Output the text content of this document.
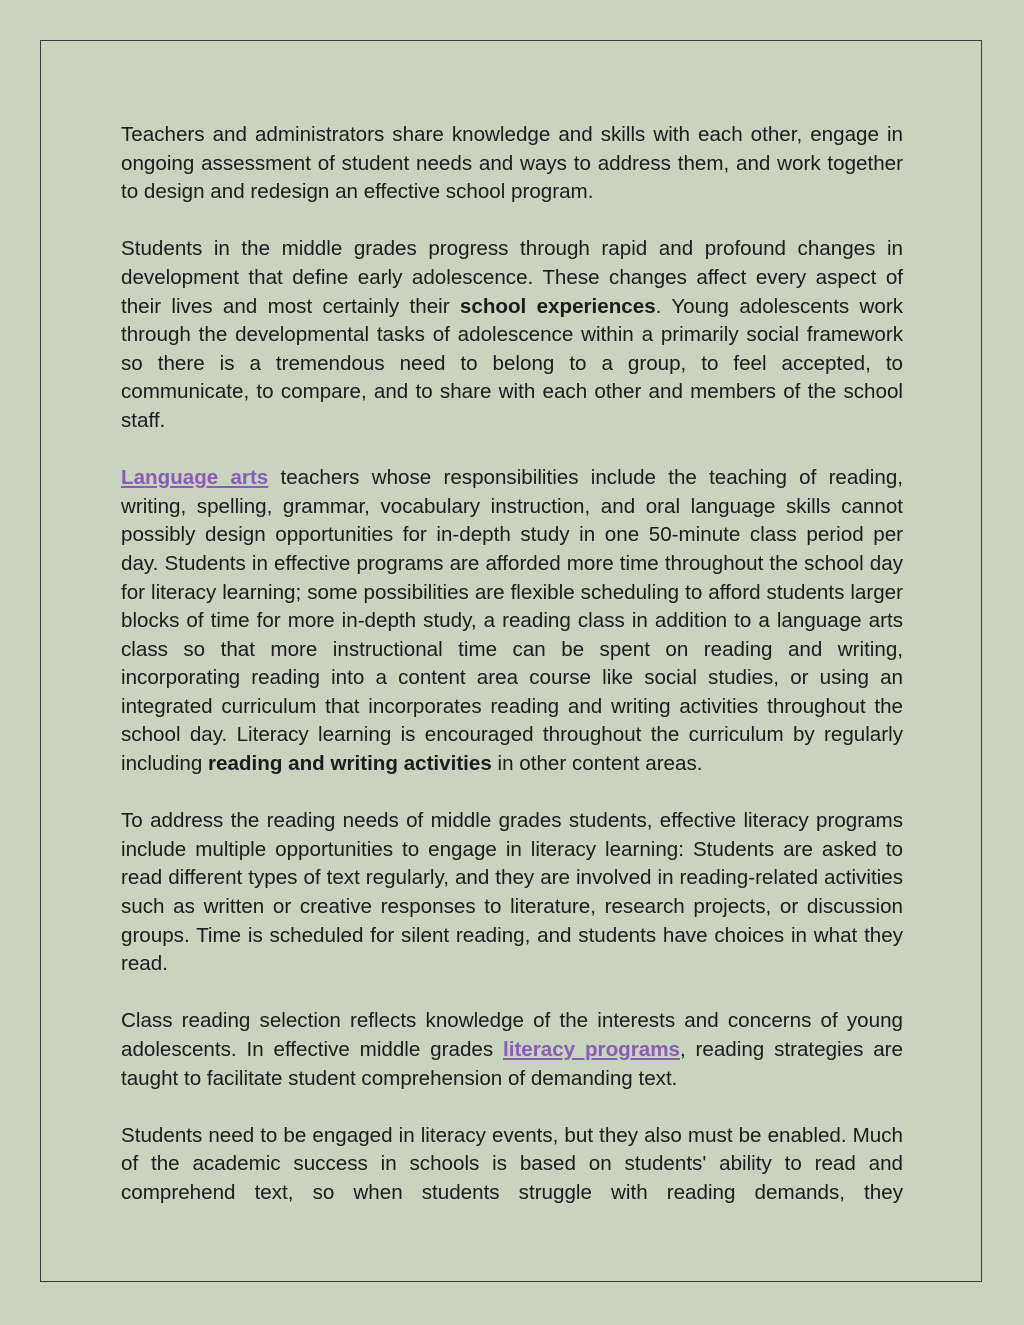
Teachers and administrators share knowledge and skills with each other, engage in ongoing assessment of student needs and ways to address them, and work together to design and redesign an effective school program.

Students in the middle grades progress through rapid and profound changes in development that define early adolescence. These changes affect every aspect of their lives and most certainly their school experiences. Young adolescents work through the developmental tasks of adolescence within a primarily social framework so there is a tremendous need to belong to a group, to feel accepted, to communicate, to compare, and to share with each other and members of the school staff.

Language arts teachers whose responsibilities include the teaching of reading, writing, spelling, grammar, vocabulary instruction, and oral language skills cannot possibly design opportunities for in-depth study in one 50-minute class period per day. Students in effective programs are afforded more time throughout the school day for literacy learning; some possibilities are flexible scheduling to afford students larger blocks of time for more in-depth study, a reading class in addition to a language arts class so that more instructional time can be spent on reading and writing, incorporating reading into a content area course like social studies, or using an integrated curriculum that incorporates reading and writing activities throughout the school day. Literacy learning is encouraged throughout the curriculum by regularly including reading and writing activities in other content areas.

To address the reading needs of middle grades students, effective literacy programs include multiple opportunities to engage in literacy learning: Students are asked to read different types of text regularly, and they are involved in reading-related activities such as written or creative responses to literature, research projects, or discussion groups. Time is scheduled for silent reading, and students have choices in what they read.

Class reading selection reflects knowledge of the interests and concerns of young adolescents. In effective middle grades literacy programs, reading strategies are taught to facilitate student comprehension of demanding text.

Students need to be engaged in literacy events, but they also must be enabled. Much of the academic success in schools is based on students' ability to read and comprehend text, so when students struggle with reading demands, they
